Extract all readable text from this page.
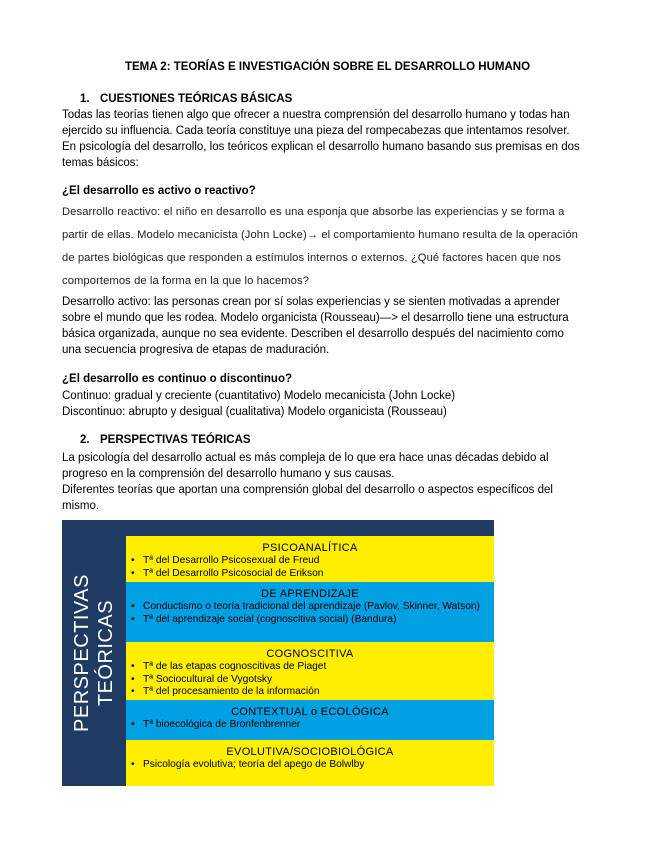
TEMA 2: TEORÍAS E INVESTIGACIÓN SOBRE EL DESARROLLO HUMANO
1. CUESTIONES TEÓRICAS BÁSICAS
Todas las teorías tienen algo que ofrecer a nuestra comprensión del desarrollo humano y todas han
ejercido su influencia. Cada teoría constituye una pieza del rompecabezas que intentamos resolver.
En psicología del desarrollo, los teóricos explican el desarrollo humano basando sus premisas en dos
temas básicos:
¿El desarrollo es activo o reactivo?
Desarrollo reactivo: el niño en desarrollo es una esponja que absorbe las experiencias y se forma a
partir de ellas. Modelo mecanicista (John Locke)→ el comportamiento humano resulta de la operación
de partes biológicas que responden a estímulos internos o externos. ¿Qué factores hacen que nos
comportemos de la forma en la que lo hacemos?
Desarrollo activo: las personas crean por sí solas experiencias y se sienten motivadas a aprender
sobre el mundo que les rodea. Modelo organicista (Rousseau)—> el desarrollo tiene una estructura
básica organizada, aunque no sea evidente. Describen el desarrollo después del nacimiento como
una secuencia progresiva de etapas de maduración.
¿El desarrollo es continuo o discontinuo?
Continuo: gradual y creciente (cuantitativo) Modelo mecanicista (John Locke)
Discontinuo: abrupto y desigual (cualitativa) Modelo organicista (Rousseau)
2. PERSPECTIVAS TEÓRICAS
La psicología del desarrollo actual es más compleja de lo que era hace unas décadas debido al
progreso en la comprensión del desarrollo humano y sus causas.
Diferentes teorías que aportan una comprensión global del desarrollo o aspectos específicos del
mismo.
PERSPECTIVAS TEÓRICAS
PSICOANALÍTICA
• Tª del Desarrollo Psicosexual de Freud
• Tª del Desarrollo Psicosocial de Erikson
DE APRENDIZAJE
• Conductismo o teoría tradicional del aprendizaje (Pavlov, Skinner, Watson)
• Tª del aprendizaje social (cognoscitiva social) (Bandura)
COGNOSCITIVA
• Tª de las etapas cognoscitivas de Piaget
• Tª Sociocultural de Vygotsky
• Tª del procesamiento de la información
CONTEXTUAL o ECOLÓGICA
• Tª bioecológica de Bronfenbrenner
EVOLUTIVA/SOCIOBIOLÓGICA
• Psicología evolutiva; teoría del apego de Bolwlby
